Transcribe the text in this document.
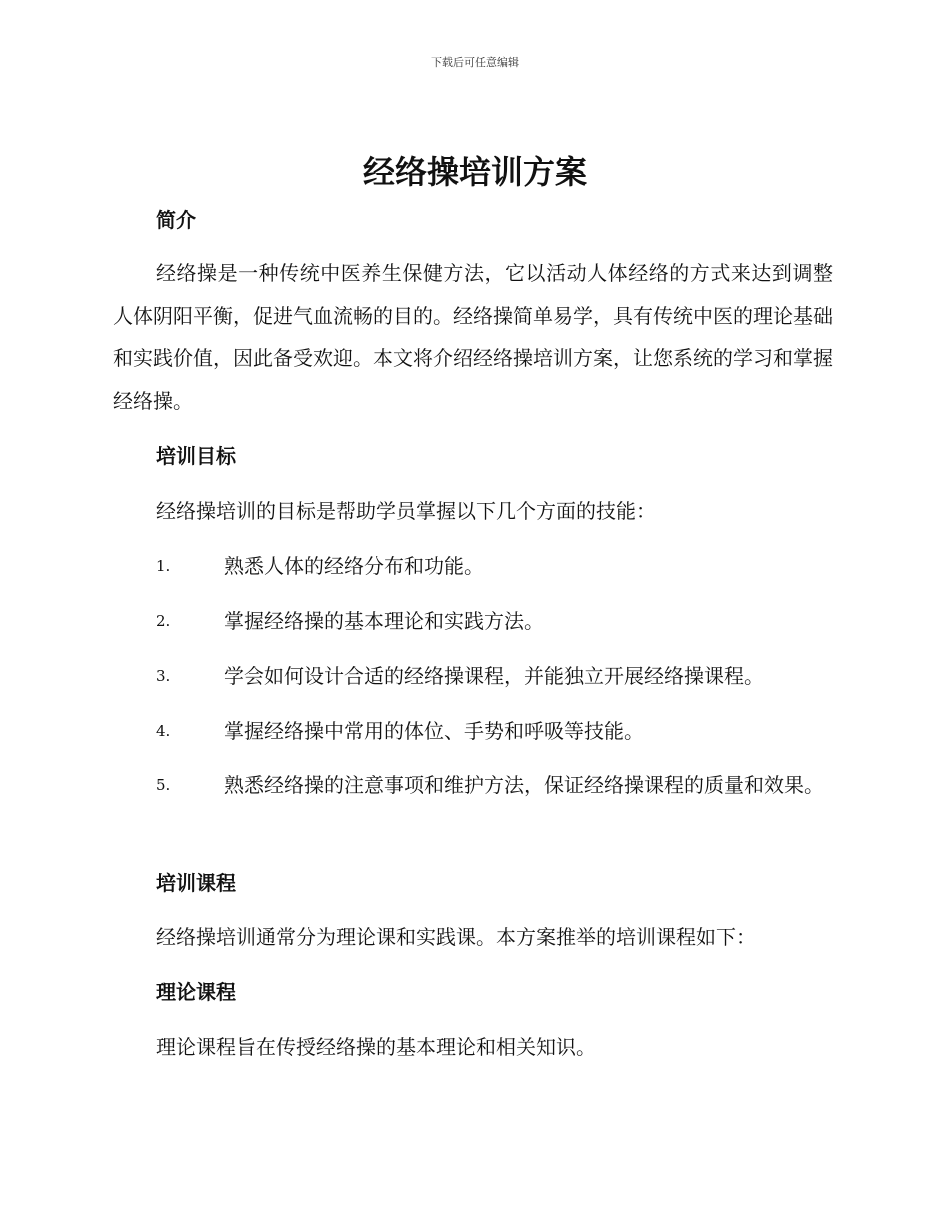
下载后可任意编辑
经络操培训方案
简介

经络操是一种传统中医养生保健方法，它以活动人体经络的方式来达到调整人体阴阳平衡，促进气血流畅的目的。经络操简单易学，具有传统中医的理论基础和实践价值，因此备受欢迎。本文将介绍经络操培训方案，让您系统的学习和掌握经络操。

培训目标

经络操培训的目标是帮助学员掌握以下几个方面的技能：

1.	熟悉人体的经络分布和功能。
2.	掌握经络操的基本理论和实践方法。
3.	学会如何设计合适的经络操课程，并能独立开展经络操课程。
4.	掌握经络操中常用的体位、手势和呼吸等技能。
5.	熟悉经络操的注意事项和维护方法，保证经络操课程的质量和效果。
培训课程

经络操培训通常分为理论课和实践课。本方案推举的培训课程如下：

理论课程

理论课程旨在传授经络操的基本理论和相关知识。
